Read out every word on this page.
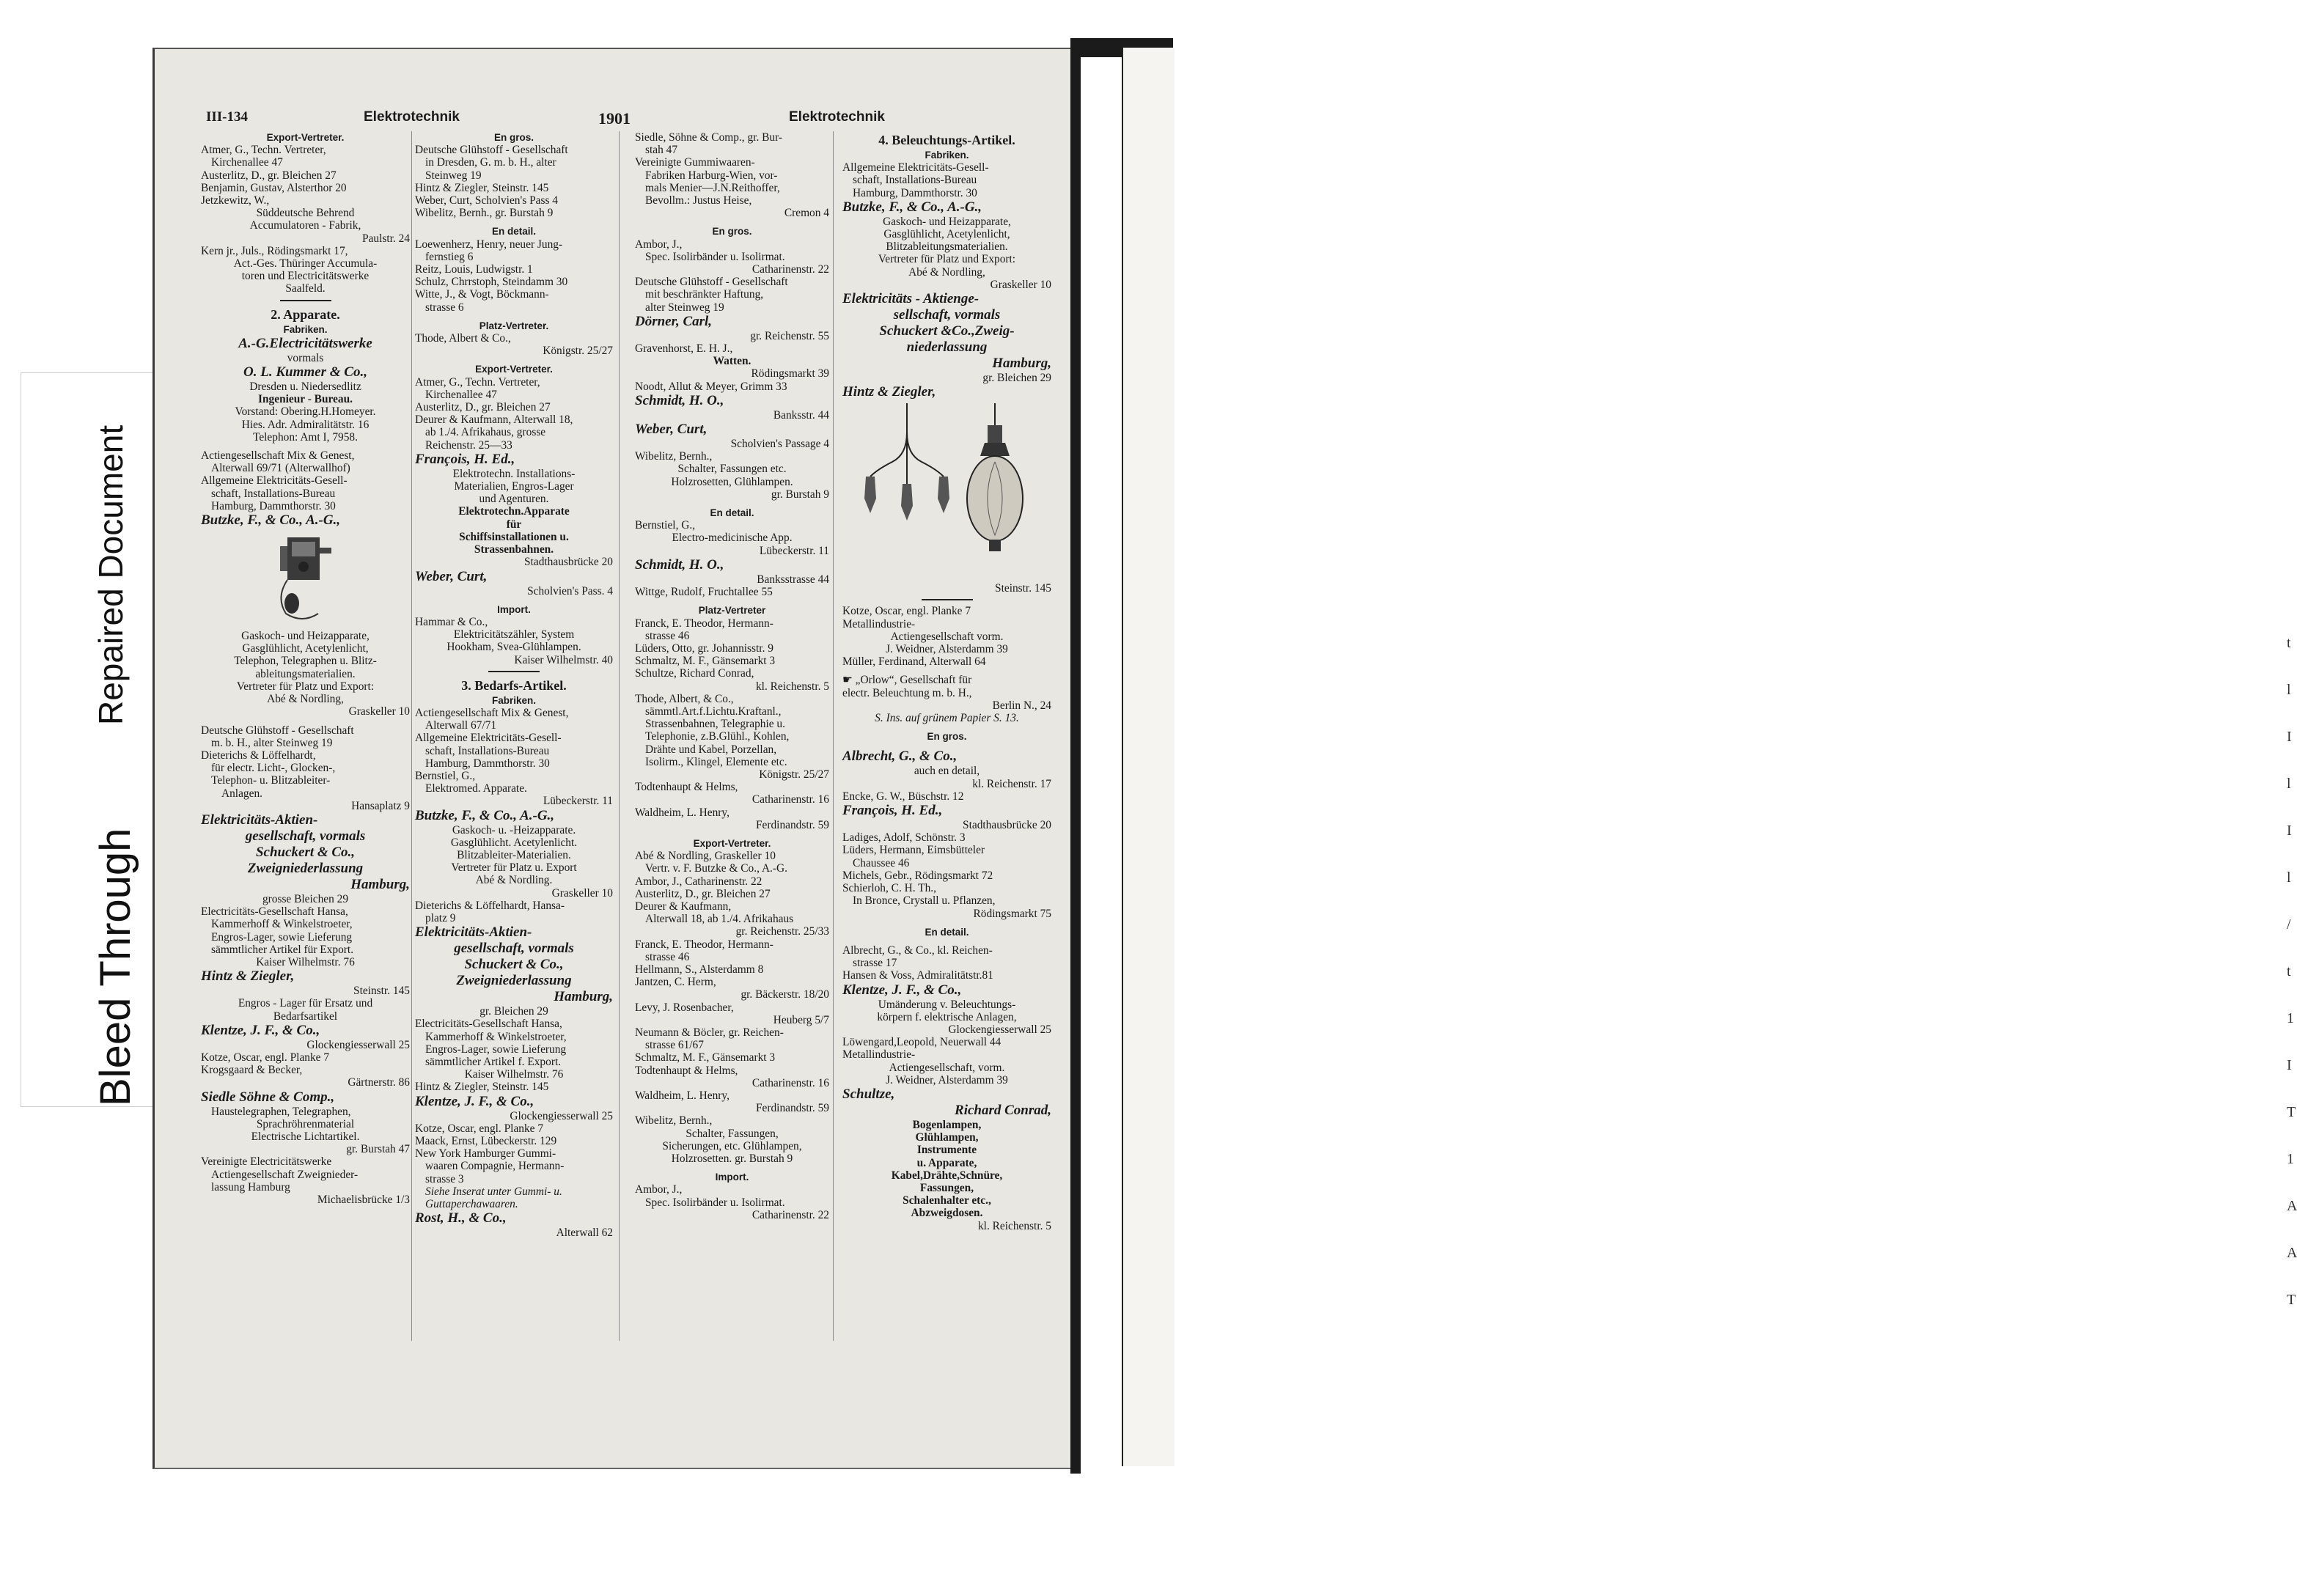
Bleed Through
Repaired Document
III-134	Elektrotechnik	1901	Elektrotechnik
Export-Vertreter.
Atmer, G., Techn. Vertreter,
Kirchenallee 47
Austerlitz, D., gr. Bleichen 27
Benjamin, Gustav, Alsterthor 20
Jetzkewitz, W.,
Süddeutsche Behrend
Accumulatoren - Fabrik,
Paulstr. 24
Kern jr., Juls., Rödingsmarkt 17,
Act.-Ges. Thüringer Accumula-
toren und Electricitätswerke
Saalfeld.
2. Apparate.
Fabriken.
A.-G.Electricitätswerke
vormals
O. L. Kummer & Co.,
Dresden u. Niedersedlitz
Ingenieur - Bureau.
Vorstand: Obering.H.Homeyer.
Hies. Adr. Admiralitätstr. 16
Telephon: Amt I, 7958.
Actiengesellschaft Mix & Genest,
Alterwall 69/71 (Alterwallhof)
Allgemeine Elektricitäts-Gesell-
schaft, Installations-Bureau
Hamburg, Dammthorstr. 30
Butzke, F., & Co., A.-G.,
Gaskoch- und Heizapparate,
Gasglühlicht, Acetylenlicht,
Telephon, Telegraphen u. Blitz-
ableitungsmaterialien.
Vertreter für Platz und Export:
Abé & Nordling,
Graskeller 10
Deutsche Glühstoff - Gesellschaft
m. b. H., alter Steinweg 19
Dieterichs & Löffelhardt,
für electr. Licht-, Glocken-,
Telephon- u. Blitzableiter-
Anlagen.
Hansaplatz 9
Elektricitäts-Aktien-
gesellschaft, vormals
Schuckert & Co.,
Zweigniederlassung
Hamburg,
grosse Bleichen 29
Electricitäts-Gesellschaft Hansa,
Kammerhoff & Winkelstroeter,
Engros-Lager, sowie Lieferung
sämmtlicher Artikel für Export.
Kaiser Wilhelmstr. 76
Hintz & Ziegler,
Steinstr. 145
Engros - Lager für Ersatz und
Bedarfsartikel
Klentze, J. F., & Co.,
Glockengiesserwall 25
Kotze, Oscar, engl. Planke 7
Krogsgaard & Becker,
Gärtnerstr. 86
Siedle Söhne & Comp.,
Haustelegraphen, Telegraphen,
Sprachröhrenmaterial
Electrische Lichtartikel.
gr. Burstah 47
Vereinigte Electricitätswerke
Actiengesellschaft Zweignieder-
lassung Hamburg
Michaelisbrücke 1/3
En gros.
Deutsche Glühstoff - Gesellschaft
in Dresden, G. m. b. H., alter
Steinweg 19
Hintz & Ziegler, Steinstr. 145
Weber, Curt, Scholvien's Pass 4
Wibelitz, Bernh., gr. Burstah 9
En detail.
Loewenherz, Henry, neuer Jung-
fernstieg 6
Reitz, Louis, Ludwigstr. 1
Schulz, Chrrstoph, Steindamm 30
Witte, J., & Vogt, Böckmann-
strasse 6
Platz-Vertreter.
Thode, Albert & Co.,
Königstr. 25/27
Export-Vertreter.
Atmer, G., Techn. Vertreter,
Kirchenallee 47
Austerlitz, D., gr. Bleichen 27
Deurer & Kaufmann, Alterwall 18,
ab 1./4. Afrikahaus, grosse
Reichenstr. 25—33
François, H. Ed.,
Elektrotechn. Installations-
Materialien, Engros-Lager
und Agenturen.
Elektrotechn.Apparate
für
Schiffsinstallationen u.
Strassenbahnen.
Stadthausbrücke 20
Weber, Curt,
Scholvien's Pass. 4
Import.
Hammar & Co.,
Elektricitätszähler, System
Hookham, Svea-Glühlampen.
Kaiser Wilhelmstr. 40
3. Bedarfs-Artikel.
Fabriken.
Actiengesellschaft Mix & Genest,
Alterwall 67/71
Allgemeine Elektricitäts-Gesell-
schaft, Installations-Bureau
Hamburg, Dammthorstr. 30
Bernstiel, G.,
Elektromed. Apparate.
Lübeckerstr. 11
Butzke, F., & Co., A.-G.,
Gaskoch- u. -Heizapparate.
Gasglühlicht. Acetylenlicht.
Blitzableiter-Materialien.
Vertreter für Platz u. Export
Abé & Nordling.
Graskeller 10
Dieterichs & Löffelhardt, Hansa-
platz 9
Elektricitäts-Aktien-
gesellschaft, vormals
Schuckert & Co.,
Zweigniederlassung
Hamburg,
gr. Bleichen 29
Electricitäts-Gesellschaft Hansa,
Kammerhoff & Winkelstroeter,
Engros-Lager, sowie Lieferung
sämmtlicher Artikel f. Export.
Kaiser Wilhelmstr. 76
Hintz & Ziegler, Steinstr. 145
Klentze, J. F., & Co.,
Glockengiesserwall 25
Kotze, Oscar, engl. Planke 7
Maack, Ernst, Lübeckerstr. 129
New York Hamburger Gummi-
waaren Compagnie, Hermann-
strasse 3
Siehe Inserat unter Gummi- u.
Guttaperchawaaren.
Rost, H., & Co.,
Alterwall 62
Siedle, Söhne & Comp., gr. Bur-
stah 47
Vereinigte Gummiwaaren-
Fabriken Harburg-Wien, vor-
mals Menier—J.N.Reithoffer,
Bevollm.: Justus Heise,
Cremon 4
En gros.
Ambor, J.,
Spec. Isolirbänder u. Isolirmat.
Catharinenstr. 22
Deutsche Glühstoff - Gesellschaft
mit beschränkter Haftung,
alter Steinweg 19
Dörner, Carl,
gr. Reichenstr. 55
Gravenhorst, E. H. J.,
Watten.
Rödingsmarkt 39
Noodt, Allut & Meyer, Grimm 33
Schmidt, H. O.,
Banksstr. 44
Weber, Curt,
Scholvien's Passage 4
Wibelitz, Bernh.,
Schalter, Fassungen etc.
Holzrosetten, Glühlampen.
gr. Burstah 9
En detail.
Bernstiel, G.,
Electro-medicinische App.
Lübeckerstr. 11
Schmidt, H. O.,
Banksstrasse 44
Wittge, Rudolf, Fruchtallee 55
Platz-Vertreter
Franck, E. Theodor, Hermann-
strasse 46
Lüders, Otto, gr. Johannisstr. 9
Schmaltz, M. F., Gänsemarkt 3
Schultze, Richard Conrad,
kl. Reichenstr. 5
Thode, Albert, & Co.,
sämmtl.Art.f.Lichtu.Kraftanl.,
Strassenbahnen, Telegraphie u.
Telephonie, z.B.Glühl., Kohlen,
Drähte und Kabel, Porzellan,
Isolirm., Klingel, Elemente etc.
Königstr. 25/27
Todtenhaupt & Helms,
Catharinenstr. 16
Waldheim, L. Henry,
Ferdinandstr. 59
Export-Vertreter.
Abé & Nordling, Graskeller 10
Vertr. v. F. Butzke & Co., A.-G.
Ambor, J., Catharinenstr. 22
Austerlitz, D., gr. Bleichen 27
Deurer & Kaufmann,
Alterwall 18, ab 1./4. Afrikahaus
gr. Reichenstr. 25/33
Franck, E. Theodor, Hermann-
strasse 46
Hellmann, S., Alsterdamm 8
Jantzen, C. Herm,
gr. Bäckerstr. 18/20
Levy, J. Rosenbacher,
Heuberg 5/7
Neumann & Böcler, gr. Reichen-
strasse 61/67
Schmaltz, M. F., Gänsemarkt 3
Todtenhaupt & Helms,
Catharinenstr. 16
Waldheim, L. Henry,
Ferdinandstr. 59
Wibelitz, Bernh.,
Schalter, Fassungen,
Sicherungen, etc. Glühlampen,
Holzrosetten. gr. Burstah 9
Import.
Ambor, J.,
Spec. Isolirbänder u. Isolirmat.
Catharinenstr. 22
4. Beleuchtungs-Artikel.
Fabriken.
Allgemeine Elektricitäts-Gesell-
schaft, Installations-Bureau
Hamburg, Dammthorstr. 30
Butzke, F., & Co., A.-G.,
Gaskoch- und Heizapparate,
Gasglühlicht, Acetylenlicht,
Blitzableitungsmaterialien.
Vertreter für Platz und Export:
Abé & Nordling,
Graskeller 10
Elektricitäts - Aktienge-
sellschaft, vormals
Schuckert &Co.,Zweig-
niederlassung
Hamburg,
gr. Bleichen 29
Hintz & Ziegler,
Steinstr. 145
Kotze, Oscar, engl. Planke 7
Metallindustrie-
Actiengesellschaft vorm.
J. Weidner, Alsterdamm 39
Müller, Ferdinand, Alterwall 64
☛ „Orlow“, Gesellschaft für
electr. Beleuchtung m. b. H.,
Berlin N., 24
S. Ins. auf grünem Papier S. 13.
En gros.
Albrecht, G., & Co.,
auch en detail,
kl. Reichenstr. 17
Encke, G. W., Büschstr. 12
François, H. Ed.,
Stadthausbrücke 20
Ladiges, Adolf, Schönstr. 3
Lüders, Hermann, Eimsbütteler
Chaussee 46
Michels, Gebr., Rödingsmarkt 72
Schierloh, C. H. Th.,
In Bronce, Crystall u. Pflanzen,
Rödingsmarkt 75
En detail.
Albrecht, G., & Co., kl. Reichen-
strasse 17
Hansen & Voss, Admiralitätstr.81
Klentze, J. F., & Co.,
Umänderung v. Beleuchtungs-
körpern f. elektrische Anlagen,
Glockengiesserwall 25
Löwengard,Leopold, Neuerwall 44
Metallindustrie-
Actiengesellschaft, vorm.
J. Weidner, Alsterdamm 39
Schultze,
Richard Conrad,
Bogenlampen,
Glühlampen,
Instrumente
u. Apparate,
Kabel,Drähte,Schnüre,
Fassungen,
Schalenhalter etc.,
Abzweigdosen.
kl. Reichenstr. 5
t
l
I
l
I
l
/
t
1
I
T
1
A
A
T
